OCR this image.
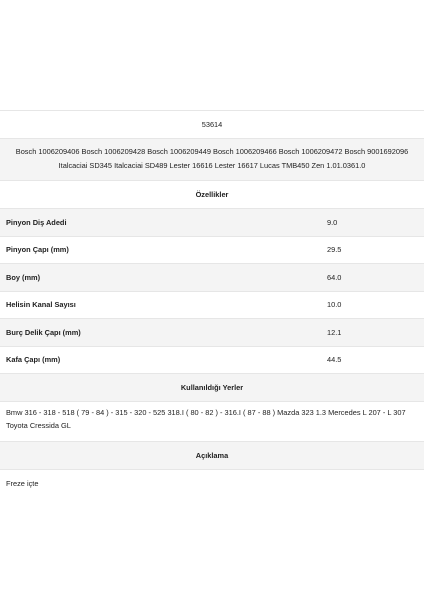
53614
Bosch 1006209406 Bosch 1006209428 Bosch 1006209449 Bosch 1006209466 Bosch 1006209472 Bosch 9001692096 Italcaciai SD345 Italcaciai SD489 Lester 16616 Lester 16617 Lucas TMB450 Zen 1.01.0361.0
Özellikler
Pinyon Diş Adedi	9.0
Pinyon Çapı (mm)	29.5
Boy (mm)	64.0
Helisin Kanal Sayısı	10.0
Burç Delik Çapı (mm)	12.1
Kafa Çapı (mm)	44.5
Kullanıldığı Yerler
Bmw 316 - 318 - 518 ( 79 - 84 ) - 315 - 320 - 525 318.I ( 80 - 82 ) - 316.I ( 87 - 88 ) Mazda 323 1.3 Mercedes L 207 - L 307 Toyota Cressida GL
Açıklama
Freze içte
